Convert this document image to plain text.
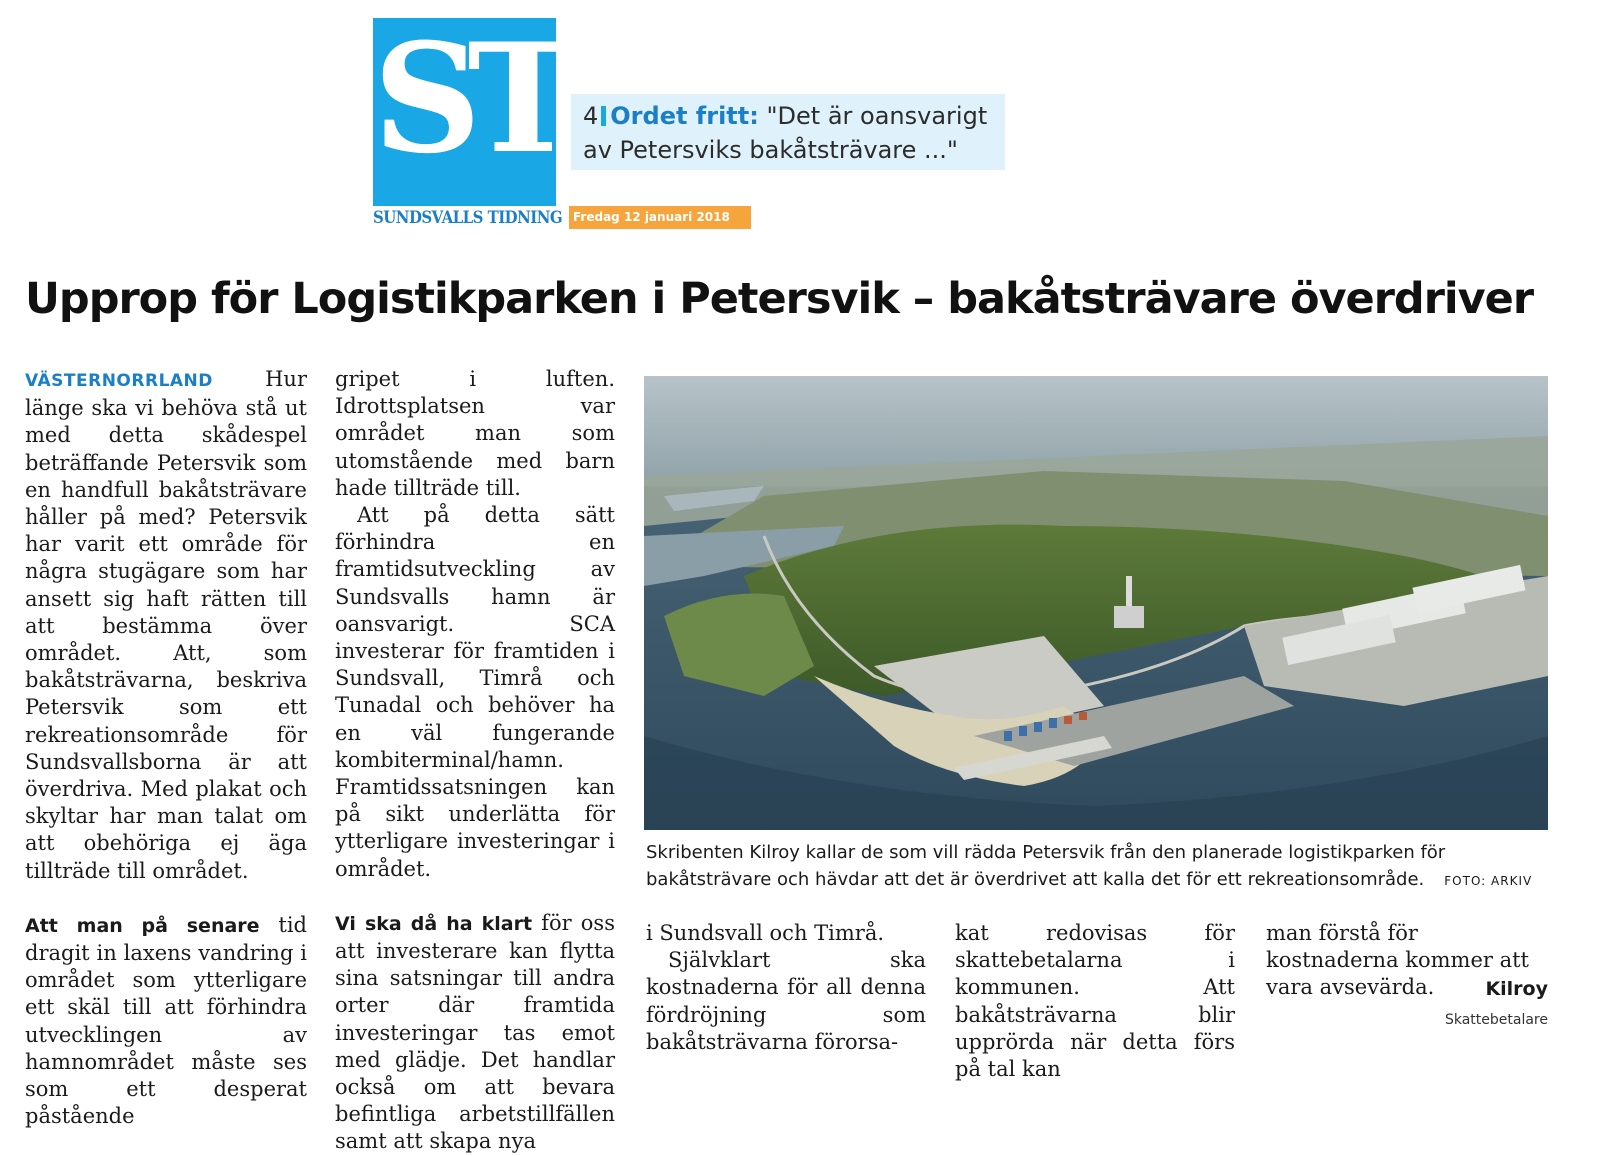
ST
SUNDSVALLS TIDNING
4 Ordet fritt: "Det är oansvarigt
av Petersviks bakåtsträvare ..."
Fredag 12 januari 2018
Upprop för Logistikparken i Petersvik – bakåtsträvare överdriver

VÄSTERNORRLAND Hur länge ska vi behöva stå ut med detta skådespel beträffande Petersvik som en handfull bakåtsträvare håller på med? Petersvik har varit ett område för några stugägare som har ansett sig haft rätten till att bestämma över området. Att, som bakåtsträvarna, beskriva Petersvik som ett rekreationsområde för Sundsvallsborna är att överdriva. Med plakat och skyltar har man talat om att obehöriga ej äga tillträde till området.

Att man på senare tid dragit in laxens vandring i området som ytterligare ett skäl till att förhindra utvecklingen av hamnområdet måste ses som ett desperat påstående

gripet i luften. Idrottsplatsen var området man som utomstående med barn hade tillträde till.

Att på detta sätt förhindra en framtidsutveckling av Sundsvalls hamn är oansvarigt. SCA investerar för framtiden i Sundsvall, Timrå och Tunadal och behöver ha en väl fungerande kombiterminal/hamn. Framtidssatsningen kan på sikt underlätta för ytterligare investeringar i området.

Vi ska då ha klart för oss att investerare kan flytta sina satsningar till andra orter där framtida investeringar tas emot med glädje. Det handlar också om att bevara befintliga arbetstillfällen samt att skapa nya

Skribenten Kilroy kallar de som vill rädda Petersvik från den planerade logistikparken för bakåtsträvare och hävdar att det är överdrivet att kalla det för ett rekreationsområde. FOTO: ARKIV

i Sundsvall och Timrå.

Självklart ska kostnaderna för all denna fördröjning som bakåtsträvarna förorsa-

kat redovisas för skattebetalarna i kommunen. Att bakåtsträvarna blir upprörda när detta förs på tal kan

man förstå för kostnaderna kommer att vara avsevärda.	Kilroy
Skattebetalare
